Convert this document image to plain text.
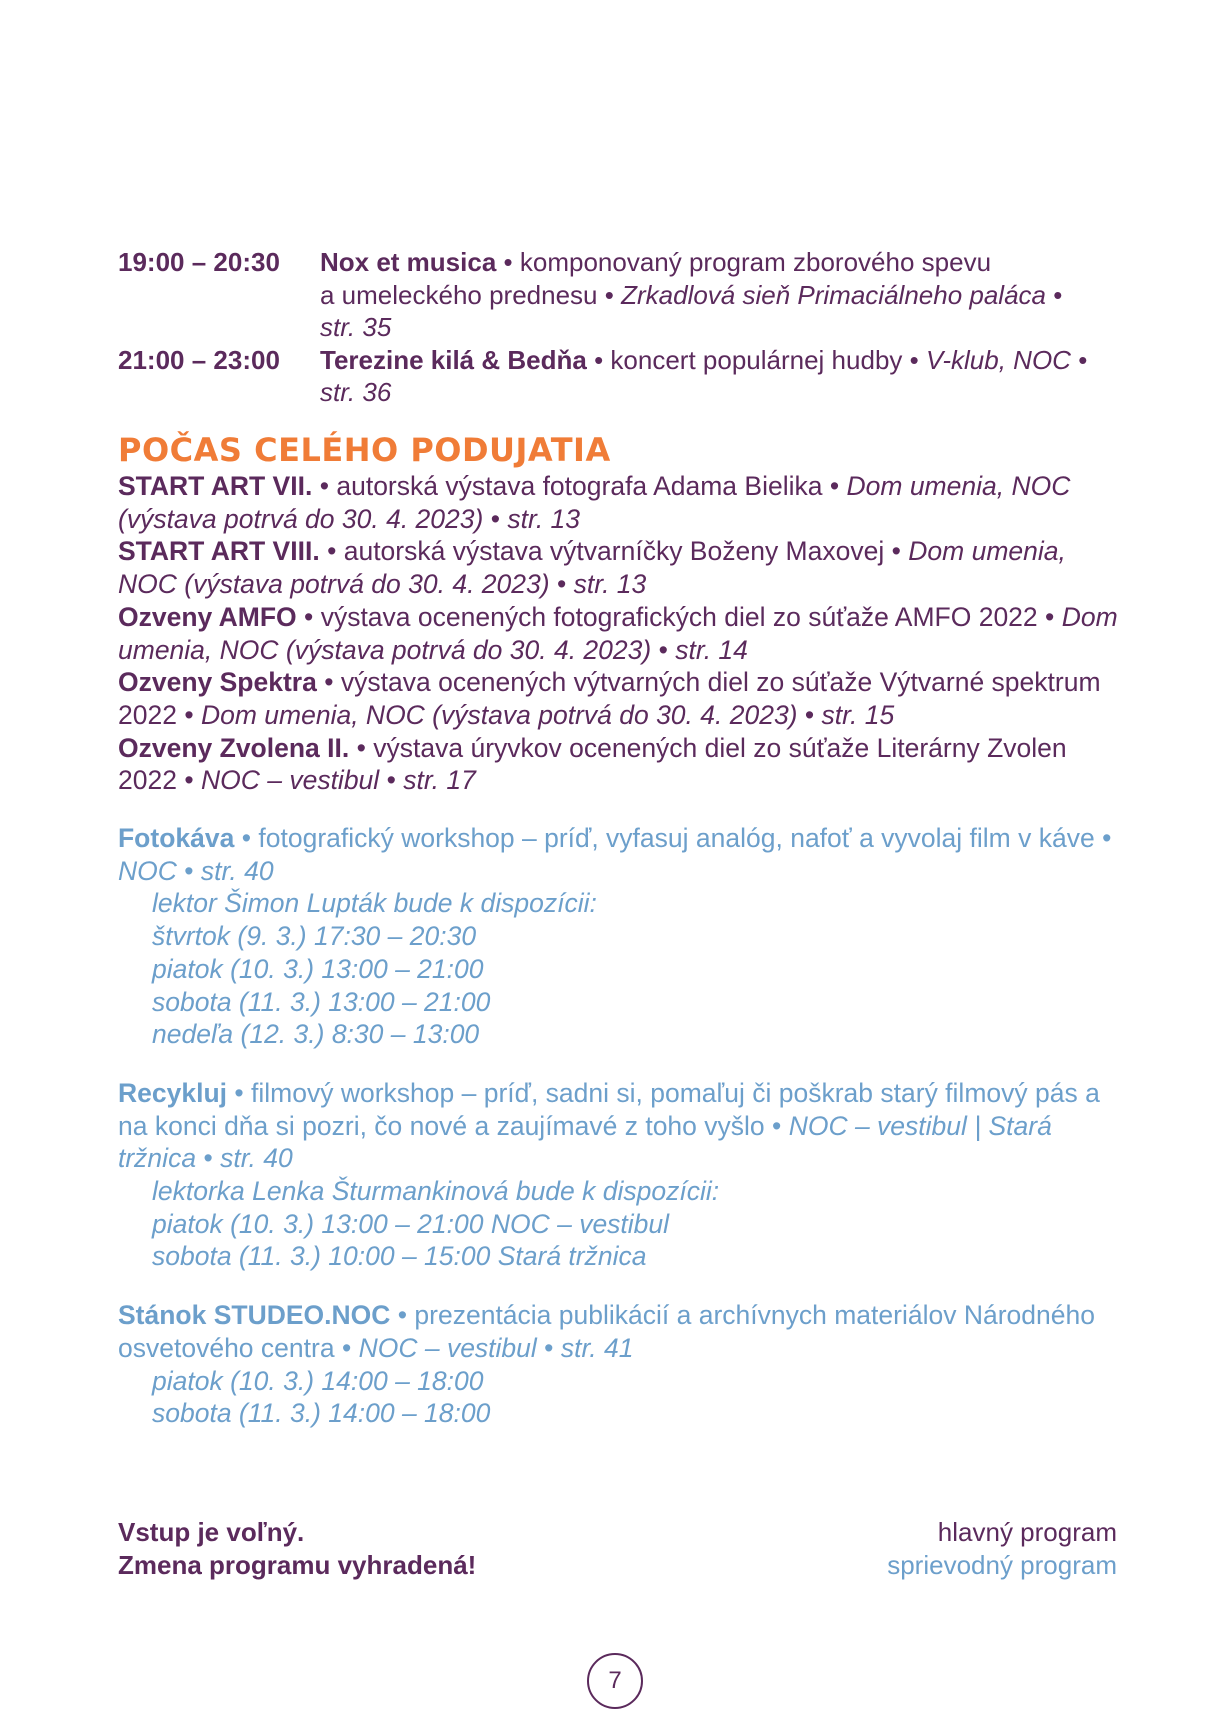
19:00 – 20:30	Nox et musica • komponovaný program zborového spevu
a umeleckého prednesu • Zrkadlová sieň Primaciálneho paláca •
str. 35
21:00 – 23:00	Terezine kilá & Bedňa • koncert populárnej hudby • V-klub, NOC •
str. 36
POČAS CELÉHO PODUJATIA

START ART VII. • autorská výstava fotografa Adama Bielika • Dom umenia, NOC (výstava potrvá do 30. 4. 2023) • str. 13

START ART VIII. • autorská výstava výtvarníčky Boženy Maxovej • Dom umenia, NOC (výstava potrvá do 30. 4. 2023) • str. 13

Ozveny AMFO • výstava ocenených fotografických diel zo súťaže AMFO 2022 • Dom umenia, NOC (výstava potrvá do 30. 4. 2023) • str. 14

Ozveny Spektra • výstava ocenených výtvarných diel zo súťaže Výtvarné spektrum 2022 • Dom umenia, NOC (výstava potrvá do 30. 4. 2023) • str. 15

Ozveny Zvolena II. • výstava úryvkov ocenených diel zo súťaže Literárny Zvolen 2022 • NOC – vestibul • str. 17

Fotokáva • fotografický workshop – príď, vyfasuj analóg, nafoť a vyvolaj film v káve • NOC • str. 40

lektor Šimon Lupták bude k dispozícii:

štvrtok (9. 3.) 17:30 – 20:30

piatok (10. 3.) 13:00 – 21:00

sobota (11. 3.) 13:00 – 21:00

nedeľa (12. 3.) 8:30 – 13:00

Recykluj • filmový workshop – príď, sadni si, pomaľuj či poškrab starý filmový pás a na konci dňa si pozri, čo nové a zaujímavé z toho vyšlo • NOC – vestibul | Stará tržnica • str. 40

lektorka Lenka Šturmankinová bude k dispozícii:

piatok (10. 3.) 13:00 – 21:00 NOC – vestibul

sobota (11. 3.) 10:00 – 15:00 Stará tržnica

Stánok STUDEO.NOC • prezentácia publikácií a archívnych materiálov Národného osvetového centra • NOC – vestibul • str. 41

piatok (10. 3.) 14:00 – 18:00

sobota (11. 3.) 14:00 – 18:00

Vstup je voľný.
Zmena programu vyhradená!
hlavný program
sprievodný program
7
